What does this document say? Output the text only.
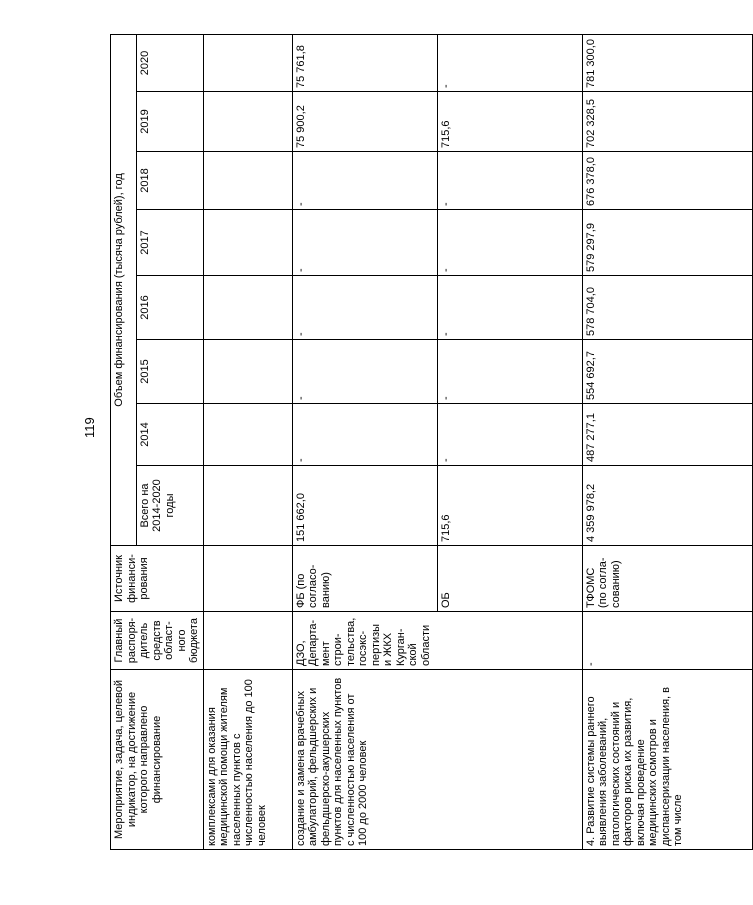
119
Мероприятие, задача, целевой индикатор, на достижение которого направлено финансирование	Главный распоря-дитель средств област-ного бюджета	Источник финанси-рования	Объем финансирования (тысяча рублей), год							
			Всего на 2014-2020 годы	2014	2015	2016	2017	2018	2019	2020
комплексами для оказания медицинской помощи жителям населенных пунктов с численностью населения до 100 человек										
создание и замена врачебных амбулаторий, фельдшерских и фельдшерско-акушерских пунктов для населенных пунктов с численностью населения от 100 до 2000 человек	ДЗО, Департа-мент строи-тельства, госэкс-пертизы и ЖКХ Курган-ской области	ФБ (по согласо-ванию)	151 662,0	-	-	-	-	-	75 900,2	75 761,8
		ОБ	715,6	-	-	-	-	-	715,6	-
4. Развитие системы раннего выявления заболеваний, патологических состояний и факторов риска их развития, включая проведение медицинских осмотров и диспансеризации населения, в том числе	-	ТФОМС (по согла-сованию)	4 359 978,2	487 277,1	554 692,7	578 704,0	579 297,9	676 378,0	702 328,5	781 300,0
